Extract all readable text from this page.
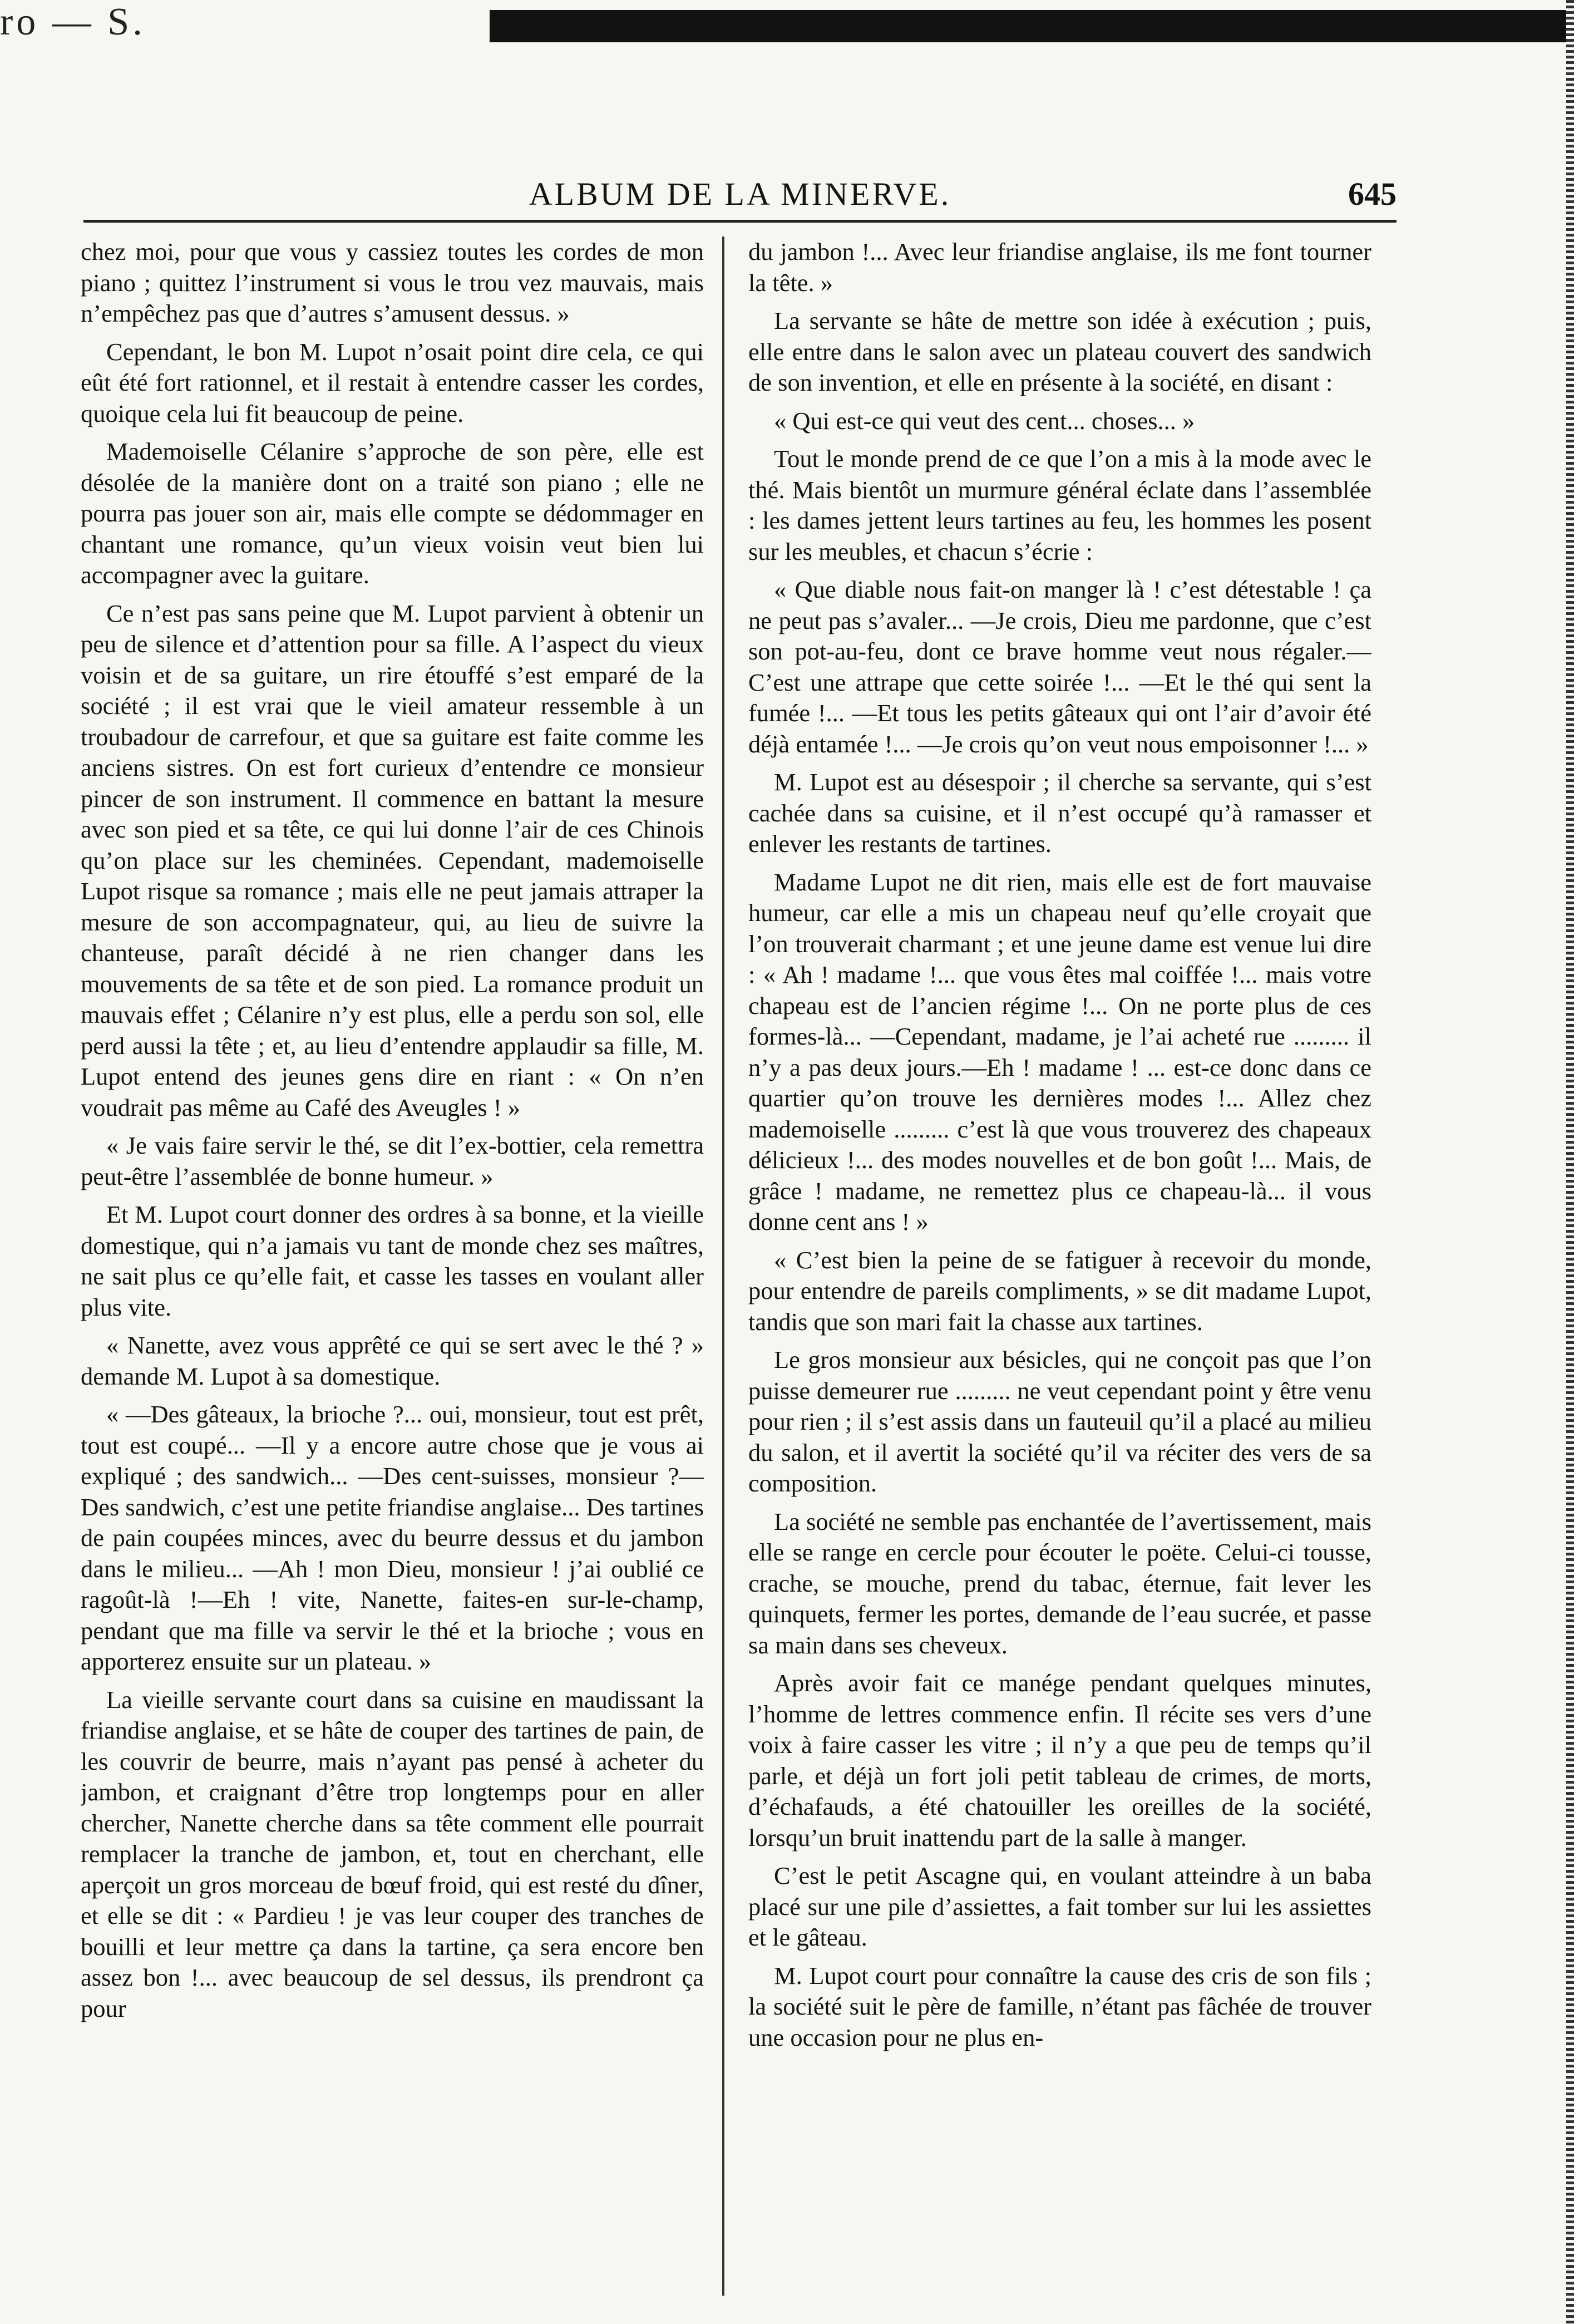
ro — S.
ALBUM DE LA MINERVE.	645

chez moi, pour que vous y cassiez toutes les cordes de mon piano ; quittez l’instrument si vous le trou vez mauvais, mais n’empêchez pas que d’autres s’amusent dessus. »

Cependant, le bon M. Lupot n’osait point dire cela, ce qui eût été fort rationnel, et il restait à entendre casser les cordes, quoique cela lui fit beaucoup de peine.

Mademoiselle Célanire s’approche de son père, elle est désolée de la manière dont on a traité son piano ; elle ne pourra pas jouer son air, mais elle compte se dédommager en chantant une romance, qu’un vieux voisin veut bien lui accompagner avec la guitare.

Ce n’est pas sans peine que M. Lupot parvient à obtenir un peu de silence et d’attention pour sa fille. A l’aspect du vieux voisin et de sa guitare, un rire étouffé s’est emparé de la société ; il est vrai que le vieil amateur ressemble à un troubadour de carrefour, et que sa guitare est faite comme les anciens sistres. On est fort curieux d’entendre ce monsieur pincer de son instrument. Il commence en battant la mesure avec son pied et sa tête, ce qui lui donne l’air de ces Chinois qu’on place sur les cheminées. Cependant, mademoiselle Lupot risque sa romance ; mais elle ne peut jamais attraper la mesure de son accompagnateur, qui, au lieu de suivre la chanteuse, paraît décidé à ne rien changer dans les mouvements de sa tête et de son pied. La romance produit un mauvais effet ; Célanire n’y est plus, elle a perdu son sol, elle perd aussi la tête ; et, au lieu d’entendre applaudir sa fille, M. Lupot entend des jeunes gens dire en riant : « On n’en voudrait pas même au Café des Aveugles ! »

« Je vais faire servir le thé, se dit l’ex-bottier, cela remettra peut-être l’assemblée de bonne humeur. »

Et M. Lupot court donner des ordres à sa bonne, et la vieille domestique, qui n’a jamais vu tant de monde chez ses maîtres, ne sait plus ce qu’elle fait, et casse les tasses en voulant aller plus vite.

« Nanette, avez vous apprêté ce qui se sert avec le thé ? » demande M. Lupot à sa domestique.

« —Des gâteaux, la brioche ?... oui, monsieur, tout est prêt, tout est coupé... —Il y a encore autre chose que je vous ai expliqué ; des sandwich... —Des cent-suisses, monsieur ?—Des sandwich, c’est une petite friandise anglaise... Des tartines de pain coupées minces, avec du beurre dessus et du jambon dans le milieu... —Ah ! mon Dieu, monsieur ! j’ai oublié ce ragoût-là !—Eh ! vite, Nanette, faites-en sur-le-champ, pendant que ma fille va servir le thé et la brioche ; vous en apporterez ensuite sur un plateau. »

La vieille servante court dans sa cuisine en maudissant la friandise anglaise, et se hâte de couper des tartines de pain, de les couvrir de beurre, mais n’ayant pas pensé à acheter du jambon, et craignant d’être trop longtemps pour en aller chercher, Nanette cherche dans sa tête comment elle pourrait remplacer la tranche de jambon, et, tout en cherchant, elle aperçoit un gros morceau de bœuf froid, qui est resté du dîner, et elle se dit : « Pardieu ! je vas leur couper des tranches de bouilli et leur mettre ça dans la tartine, ça sera encore ben assez bon !... avec beaucoup de sel dessus, ils prendront ça pour

du jambon !... Avec leur friandise anglaise, ils me font tourner la tête. »

La servante se hâte de mettre son idée à exécution ; puis, elle entre dans le salon avec un plateau couvert des sandwich de son invention, et elle en présente à la société, en disant :

« Qui est-ce qui veut des cent... choses... »

Tout le monde prend de ce que l’on a mis à la mode avec le thé. Mais bientôt un murmure général éclate dans l’assemblée : les dames jettent leurs tartines au feu, les hommes les posent sur les meubles, et chacun s’écrie :

« Que diable nous fait-on manger là ! c’est détestable ! ça ne peut pas s’avaler... —Je crois, Dieu me pardonne, que c’est son pot-au-feu, dont ce brave homme veut nous régaler.—C’est une attrape que cette soirée !... —Et le thé qui sent la fumée !... —Et tous les petits gâteaux qui ont l’air d’avoir été déjà entamée !... —Je crois qu’on veut nous empoisonner !... »

M. Lupot est au désespoir ; il cherche sa servante, qui s’est cachée dans sa cuisine, et il n’est occupé qu’à ramasser et enlever les restants de tartines.

Madame Lupot ne dit rien, mais elle est de fort mauvaise humeur, car elle a mis un chapeau neuf qu’elle croyait que l’on trouverait charmant ; et une jeune dame est venue lui dire : « Ah ! madame !... que vous êtes mal coiffée !... mais votre chapeau est de l’ancien régime !... On ne porte plus de ces formes-là... —Cependant, madame, je l’ai acheté rue ......... il n’y a pas deux jours.—Eh ! madame ! ... est-ce donc dans ce quartier qu’on trouve les dernières modes !... Allez chez mademoiselle ......... c’est là que vous trouverez des chapeaux délicieux !... des modes nouvelles et de bon goût !... Mais, de grâce ! madame, ne remettez plus ce chapeau-là... il vous donne cent ans ! »

« C’est bien la peine de se fatiguer à recevoir du monde, pour entendre de pareils compliments, » se dit madame Lupot, tandis que son mari fait la chasse aux tartines.

Le gros monsieur aux bésicles, qui ne conçoit pas que l’on puisse demeurer rue ......... ne veut cependant point y être venu pour rien ; il s’est assis dans un fauteuil qu’il a placé au milieu du salon, et il avertit la société qu’il va réciter des vers de sa composition.

La société ne semble pas enchantée de l’avertissement, mais elle se range en cercle pour écouter le poëte. Celui-ci tousse, crache, se mouche, prend du tabac, éternue, fait lever les quinquets, fermer les portes, demande de l’eau sucrée, et passe sa main dans ses cheveux.

Après avoir fait ce manége pendant quelques minutes, l’homme de lettres commence enfin. Il récite ses vers d’une voix à faire casser les vitre ; il n’y a que peu de temps qu’il parle, et déjà un fort joli petit tableau de crimes, de morts, d’échafauds, a été chatouiller les oreilles de la société, lorsqu’un bruit inattendu part de la salle à manger.

C’est le petit Ascagne qui, en voulant atteindre à un baba placé sur une pile d’assiettes, a fait tomber sur lui les assiettes et le gâteau.

M. Lupot court pour connaître la cause des cris de son fils ; la société suit le père de famille, n’étant pas fâchée de trouver une occasion pour ne plus en-
